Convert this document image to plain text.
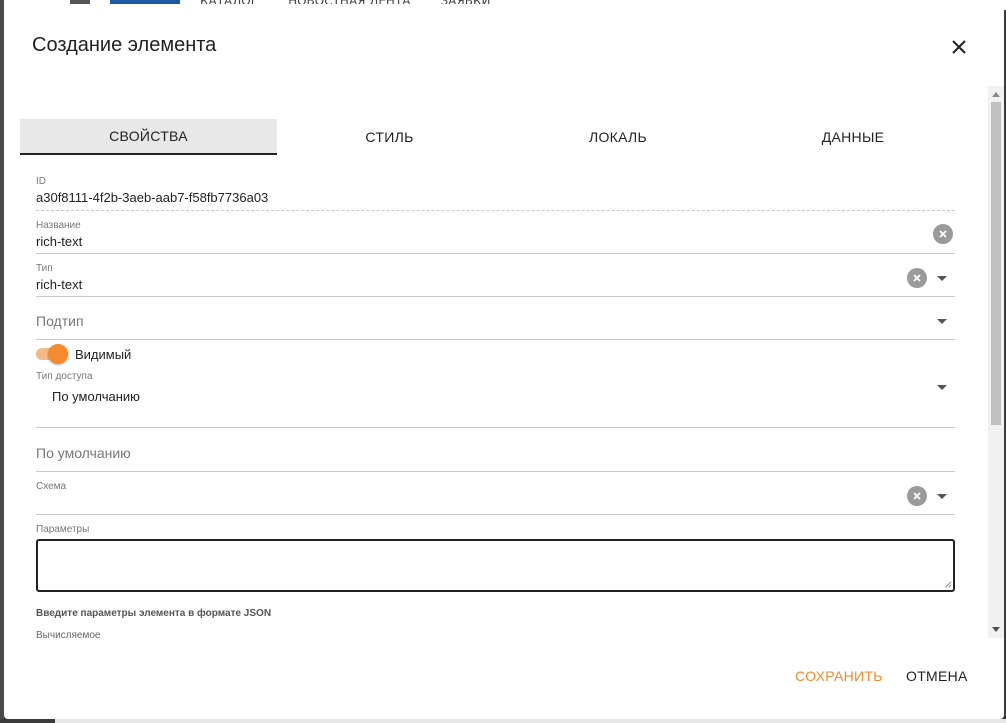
Создание элемента
СВОЙСТВА	СТИЛЬ	ЛОКАЛЬ	ДАННЫЕ
ID
a30f8111-4f2b-3aeb-aab7-f58fb7736a03
Название
rich-text
Тип
rich-text
Подтип
Видимый
Тип доступа
По умолчанию
По умолчанию
Схема
Параметры
Введите параметры элемента в формате JSON
Вычисляемое
СОХРАНИТЬ ОТМЕНА
